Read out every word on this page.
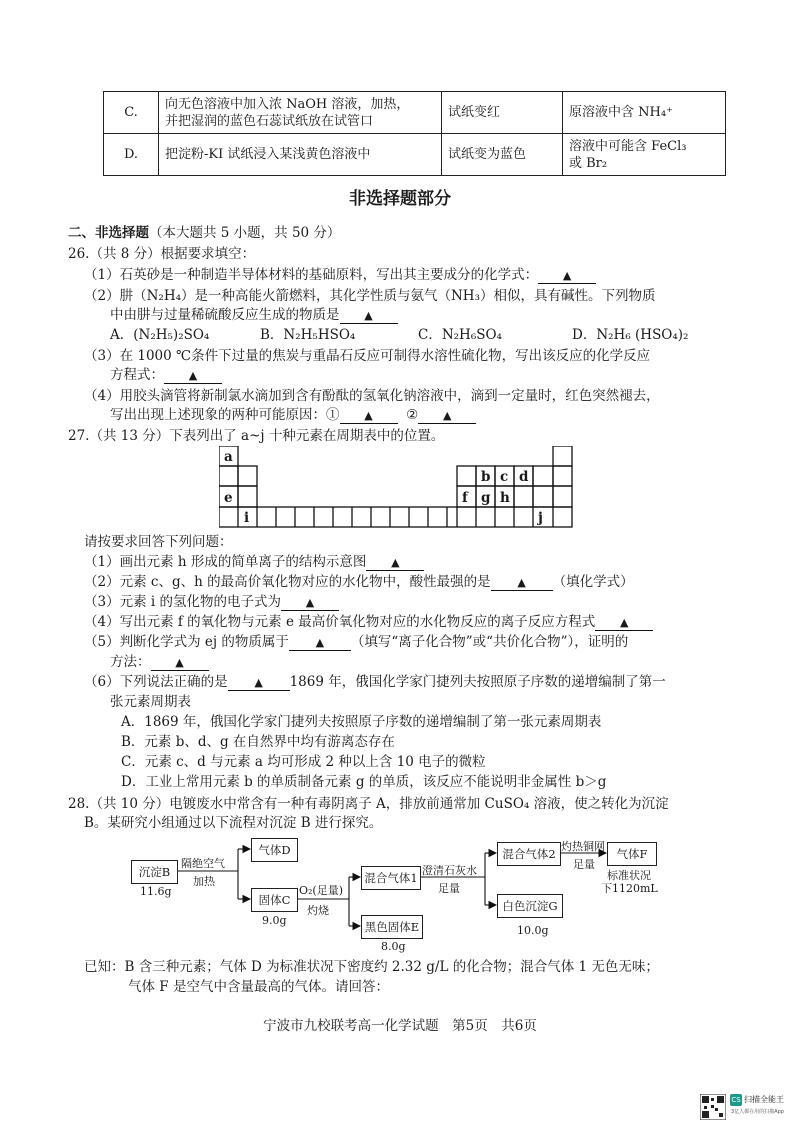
C.	向无色溶液中加入浓 NaOH 溶液，加热，
并把湿润的蓝色石蕊试纸放在试管口	试纸变红	原溶液中含 NH₄⁺

D.	把淀粉-KI 试纸浸入某浅黄色溶液中	试纸变为蓝色	溶液中可能含 FeCl₃
或 Br₂
非选择题部分
二、非选择题（本大题共 5 小题，共 50 分）
26.（共 8 分）根据要求填空：
（1）石英砂是一种制造半导体材料的基础原料，写出其主要成分的化学式： ▲
（2）肼（N₂H₄）是一种高能火箭燃料，其化学性质与氨气（NH₃）相似，具有碱性。下列物质
中由肼与过量稀硫酸反应生成的物质是 ▲
A．(N₂H₅)₂SO₄	B．N₂H₅HSO₄	C．N₂H₆SO₄	D．N₂H₆ (HSO₄)₂
（3）在 1000 ℃条件下过量的焦炭与重晶石反应可制得水溶性硫化物，写出该反应的化学反应
方程式： ▲
（4）用胶头滴管将新制氯水滴加到含有酚酞的氢氧化钠溶液中，滴到一定量时，红色突然褪去，
写出出现上述现象的两种可能原因：① ▲ ② ▲
27.（共 13 分）下表列出了 a~j 十种元素在周期表中的位置。
a
b c d
e	f g h
i	j
请按要求回答下列问题：
（1）画出元素 h 形成的简单离子的结构示意图 ▲
（2）元素 c、g、h 的最高价氧化物对应的水化物中，酸性最强的是 ▲ （填化学式）
（3）元素 i 的氢化物的电子式为 ▲
（4）写出元素 f 的氧化物与元素 e 最高价氧化物对应的水化物反应的离子反应方程式 ▲
（5）判断化学式为 ej 的物质属于 ▲ （填写“离子化合物”或“共价化合物”），证明的
方法： ▲
（6）下列说法正确的是 ▲ 1869 年，俄国化学家门捷列夫按照原子序数的递增编制了第一
张元素周期表
A．1869 年，俄国化学家门捷列夫按照原子序数的递增编制了第一张元素周期表
B．元素 b、d、g 在自然界中均有游离态存在
C．元素 c、d 与元素 a 均可形成 2 种以上含 10 电子的微粒
D．工业上常用元素 b 的单质制备元素 g 的单质，该反应不能说明非金属性 b＞g
28.（共 10 分）电镀废水中常含有一种有毒阴离子 A，排放前通常加 CuSO₄ 溶液，使之转化为沉淀
B。某研究小组通过以下流程对沉淀 B 进行探究。
沉淀B
11.6g
隔绝空气
加热
气体D
固体C
9.0g
O₂(足量)
灼烧
混合气体1
黑色固体E
8.0g
澄清石灰水
足量
混合气体2
白色沉淀G
10.0g
灼热铜网
足量
气体F
标准状况
下1120mL
已知：B 含三种元素；气体 D 为标准状况下密度约 2.32 g/L 的化合物；混合气体 1 无色无味；
气体 F 是空气中含量最高的气体。请回答：
宁波市九校联考高一化学试题　第5页　共6页
CS 扫描全能王
3亿人都在用的扫描App
